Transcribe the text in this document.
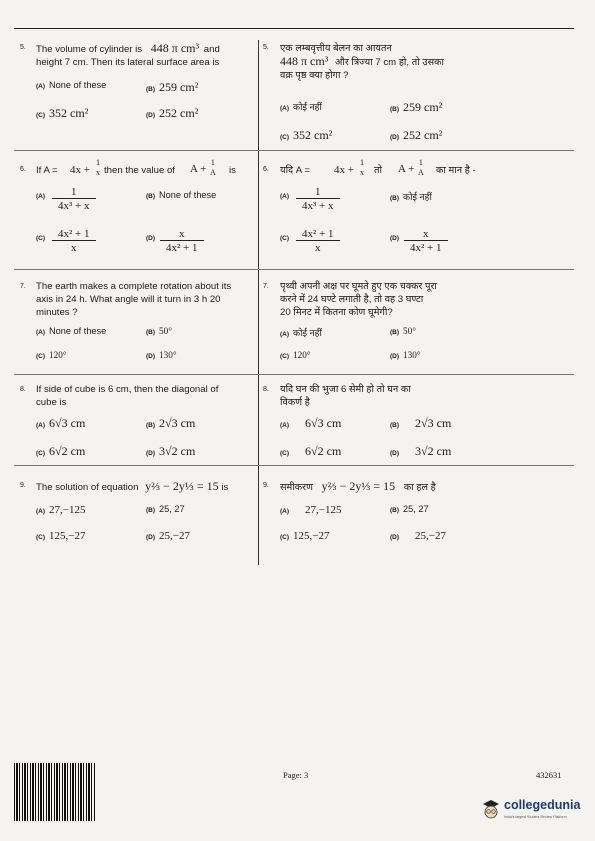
5. The volume of cylinder is 448 π cm³ and
height 7 cm. Then its lateral surface area is
(A) None of these	(B) 259 cm²
(C) 352 cm²	(D) 252 cm²
5. एक लम्बवृत्तीय बेलन का आयतन
448 π cm³ और त्रिज्या 7 cm हो, तो उसका
वक्र पृष्ठ क्या होगा ?
(A) कोई नहीं	(B) 259 cm²
(C) 352 cm²	(D) 252 cm²
6. If A = 4x +
1
x then the value of A +
1
A	is
$(A) \frac{1}{\text{4x³ + x}}$	(B) None of these
$(C) \frac{\text{4x² + 1}}{x}$	$(D) \frac{x}{\text{4x² + 1}}$
6. यदि A = 4x +
1
x	तो A +
1
A	का मान है -
$(A) \frac{1}{\text{4x³ + x}}$	(B) कोई नहीं
$(C) \frac{\text{4x² + 1}}{x}$	$(D) \frac{x}{\text{4x² + 1}}$
7. The earth makes a complete rotation about its
axis in 24 h. What angle will it turn in 3 h 20
minutes ?
(A) None of these	(B) 50°
(C) 120°	(D) 130°
7. पृथ्वी अपनी अक्ष पर घूमते हुए एक चक्कर पूरा
करने में 24 घण्टे लगाती है, तो वह 3 घण्टा
20 मिनट में कितना कोण घूमेगी?
(A) कोई नहीं	(B) 50°
(C) 120°	(D) 130°
8. If side of cube is 6 cm, then the diagonal of
cube is
(A) 6√3 cm	(B) 2√3 cm
(C) 6√2 cm	(D) 3√2 cm
8. यदि घन की भुजा 6 सेमी हो तो घन का
विकर्ण है
(A) 6√3 cm	(B) 2√3 cm
(C) 6√2 cm	(D) 3√2 cm
9. The solution of equation y⅔ − 2y⅓ = 15 is
(A) 27,−125	(B) 25, 27
(C) 125,−27	(D) 25,−27
9. समीकरण y⅔ − 2y⅓ = 15 का हल है
(A) 27,−125	(B) 25, 27
(C) 125,−27	(D) 25,−27
Page: 3	432631
collegedunia
India's largest Student Review Platform
